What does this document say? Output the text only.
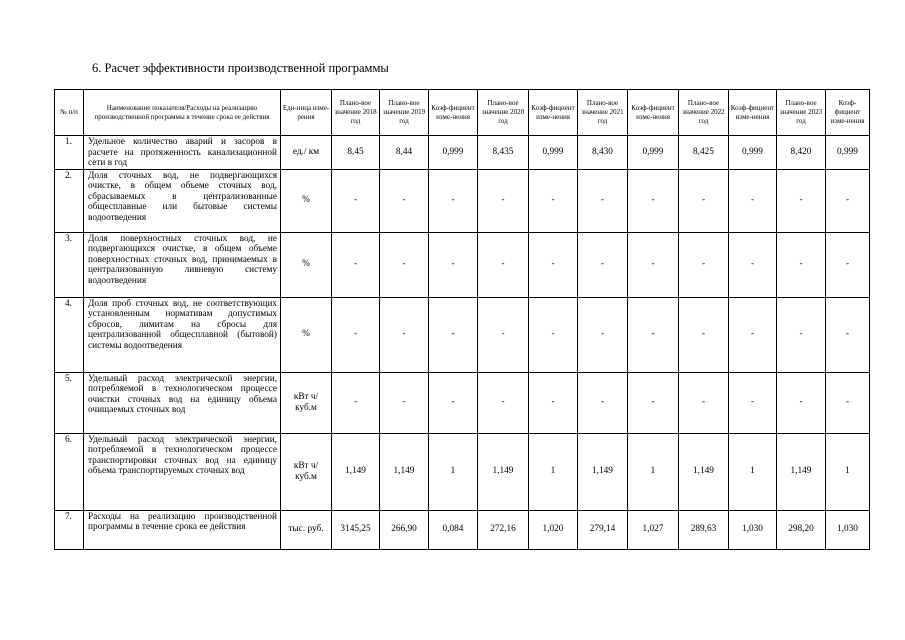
6. Расчет эффективности производственной программы
№ п/п	Наименование показателя/Расходы на реализацию производственной программы в течение срока ее действия	Еди-ница изме-рения	Плано-вое значение 2018 год	Плано-вое значение 2019 год	Коэф-фициент изме-нения	Плано-вое значение 2020 год	Коэф-фициент изме-нения	Плано-вое значение 2021 год	Коэф-фициент изме-нения	Плано-вое значение 2022 год	Коэф-фициент изме-нения	Плано-вое значение 2023 год	Коэф-фициент изме-нения
1.	Удельное количество аварий и засоров в расчете на протяженность канализационной сети в год	ед./ км	8,45	8,44	0,999	8,435	0,999	8,430	0,999	8,425	0,999	8,420	0,999
2.	Доля сточных вод, не подвергающихся очистке, в общем объеме сточных вод, сбрасываемых в централизованные общесплавные или бытовые системы водоотведения	%	-	-	-	-	-	-	-	-	-	-	-
3.	Доля поверхностных сточных вод, не подвергающихся очистке, в общем объеме поверхностных сточных вод, принимаемых в централизованную ливневую систему водоотведения	%	-	-	-	-	-	-	-	-	-	-	-
4.	Доля проб сточных вод, не соответствующих установленным нормативам допустимых сбросов, лимитам на сбросы для централизованной общесплавной (бытовой) системы водоотведения	%	-	-	-	-	-	-	-	-	-	-	-
5.	Удельный расход электрической энергии, потребляемой в технологическом процессе очистки сточных вод на единицу объема очищаемых сточных вод	кВт ч/куб.м	-	-	-	-	-	-	-	-	-	-	-
6.	Удельный расход электрической энергии, потребляемой в технологическом процессе транспортировки сточных вод на единицу объема транспортируемых сточных вод	кВт ч/куб.м	1,149	1,149	1	1,149	1	1,149	1	1,149	1	1,149	1
7.	Расходы на реализацию производственной программы в течение срока ее действия	тыс. руб.	3145,25	266,90	0,084	272,16	1,020	279,14	1,027	289,63	1,030	298,20	1,030
